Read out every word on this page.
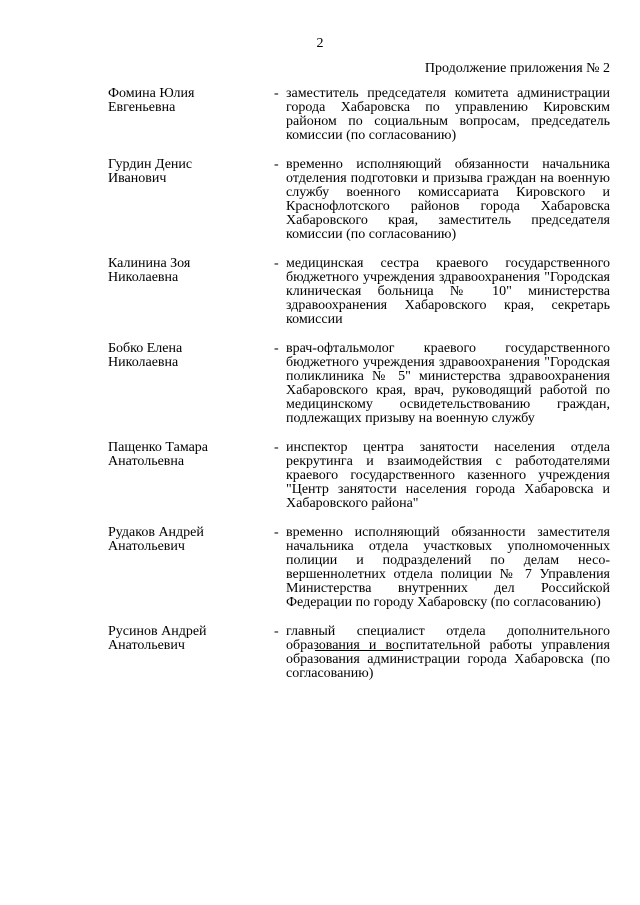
2
Продолжение приложения № 2
Фомина Юлия
Евгеньевна
- заместитель председателя комитета администрации города Хабаровска по управлению Кировским районом по социальным вопросам, председатель комиссии (по согласованию)
Гурдин Денис
Иванович
- временно исполняющий обязанности начальника отделения подготовки и призыва граждан на военную службу военного комиссариата Кировского и Краснофлотского районов города Хабаровска Хабаровского края, заместитель председателя комиссии (по согласованию)
Калинина Зоя
Николаевна
- медицинская сестра краевого государственного бюджетного учреждения здравоохранения "Городская клиническая больница № 10" министерства здравоохранения Хабаровского края, секретарь комиссии
Бобко Елена
Николаевна
- врач-офтальмолог краевого государственного бюджетного учреждения здравоохранения "Городская поликлиника № 5" министерства здравоохранения Хабаровского края, врач, руководящий работой по медицинскому освидетельствованию граждан, подлежащих призыву на военную службу
Пащенко Тамара
Анатольевна
- инспектор центра занятости населения отдела рекрутинга и взаимодействия с работодателями краевого государственного казенного учреждения "Центр занятости населения города Хабаровска и Хабаровского района"
Рудаков Андрей
Анатольевич
- временно исполняющий обязанности заместителя начальника отдела участковых уполномоченных полиции и подразделений по делам несовершеннолетних отдела полиции № 7 Управления Министерства внутренних дел Российской Федерации по городу Хабаровску (по согласованию)
Русинов Андрей
Анатольевич
- главный специалист отдела дополнительного образования и воспитательной работы управления образования администрации города Хабаровска (по согласованию)
